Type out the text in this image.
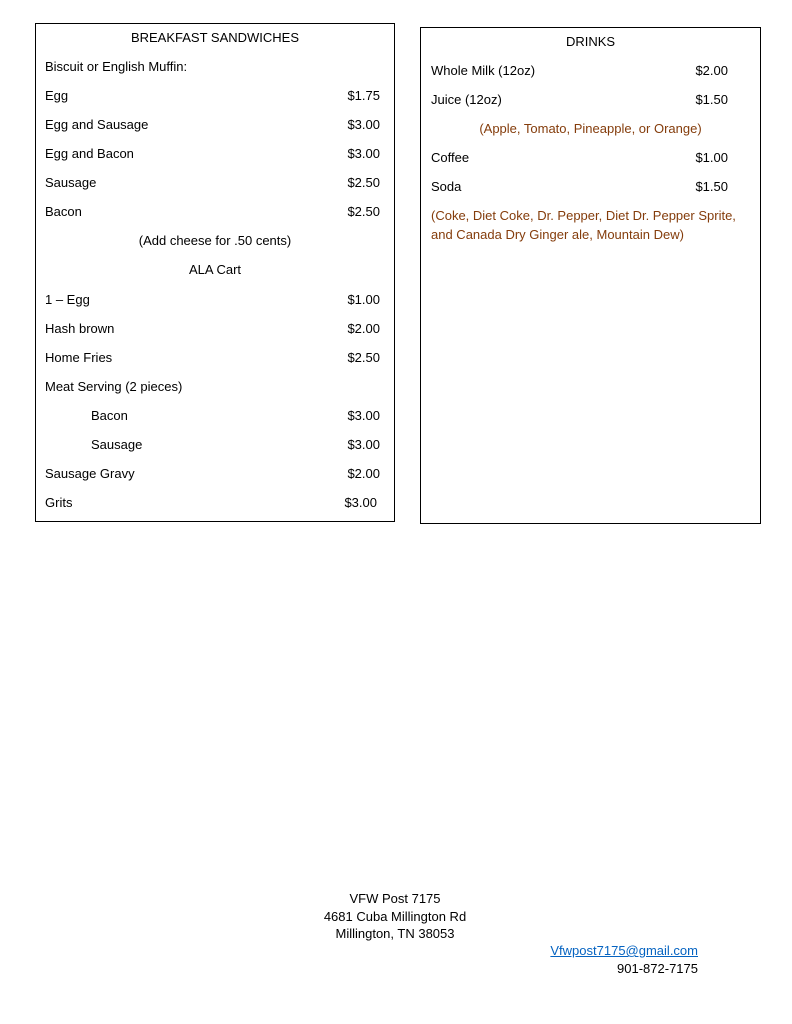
BREAKFAST SANDWICHES
Biscuit or English Muffin:
Egg	$1.75
Egg and Sausage	$3.00
Egg and Bacon	$3.00
Sausage	$2.50
Bacon	$2.50
(Add cheese for .50 cents)
ALA Cart
1 – Egg	$1.00
Hash brown	$2.00
Home Fries	$2.50
Meat Serving (2 pieces)
Bacon	$3.00
Sausage	$3.00
Sausage Gravy	$2.00
Grits	$3.00
DRINKS
Whole Milk (12oz)	$2.00
Juice (12oz)	$1.50
(Apple, Tomato, Pineapple, or Orange)
Coffee	$1.00
Soda	$1.50
(Coke, Diet Coke, Dr. Pepper, Diet Dr. Pepper Sprite, and Canada Dry Ginger ale, Mountain Dew)
VFW Post 7175
4681 Cuba Millington Rd
Millington, TN 38053
Vfwpost7175@gmail.com
901-872-7175
